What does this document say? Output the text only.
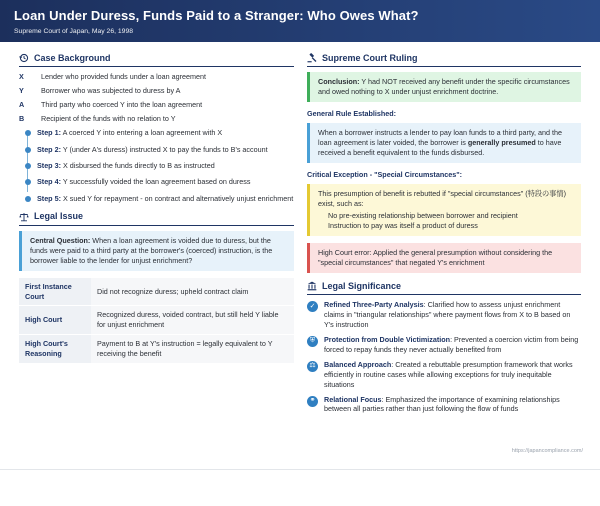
Loan Under Duress, Funds Paid to a Stranger: Who Owes What?
Supreme Court of Japan, May 26, 1998
Case Background
X	Lender who provided funds under a loan agreement
Y	Borrower who was subjected to duress by A
A	Third party who coerced Y into the loan agreement
B	Recipient of the funds with no relation to Y
Step 1: A coerced Y into entering a loan agreement with X
Step 2: Y (under A's duress) instructed X to pay the funds to B's account
Step 3: X disbursed the funds directly to B as instructed
Step 4: Y successfully voided the loan agreement based on duress
Step 5: X sued Y for repayment - on contract and alternatively unjust enrichment
Legal Issue
Central Question: When a loan agreement is voided due to duress, but the funds were paid to a third party at the borrower's (coerced) instruction, is the borrower liable to the lender for unjust enrichment?
First Instance Court	Did not recognize duress; upheld contract claim
High Court	Recognized duress, voided contract, but still held Y liable for unjust enrichment
High Court's Reasoning	Payment to B at Y's instruction = legally equivalent to Y receiving the benefit
Supreme Court Ruling
Conclusion: Y had NOT received any benefit under the specific circumstances and owed nothing to X under unjust enrichment doctrine.
General Rule Established:
When a borrower instructs a lender to pay loan funds to a third party, and the loan agreement is later voided, the borrower is generally presumed to have received a benefit equivalent to the funds disbursed.
Critical Exception - "Special Circumstances":
This presumption of benefit is rebutted if "special circumstances" (特段の事情) exist, such as:
No pre-existing relationship between borrower and recipient
Instruction to pay was itself a product of duress
High Court error: Applied the general presumption without considering the "special circumstances" that negated Y's enrichment
Legal Significance
✓	Refined Three-Party Analysis: Clarified how to assess unjust enrichment claims in "triangular relationships" where payment flows from X to B based on Y's instruction
⛨	Protection from Double Victimization: Prevented a coercion victim from being forced to repay funds they never actually benefited from
⚖	Balanced Approach: Created a rebuttable presumption framework that works efficiently in routine cases while allowing exceptions for truly inequitable situations
⚭	Relational Focus: Emphasized the importance of examining relationships between all parties rather than just following the flow of funds
https://japancompliance.com/
